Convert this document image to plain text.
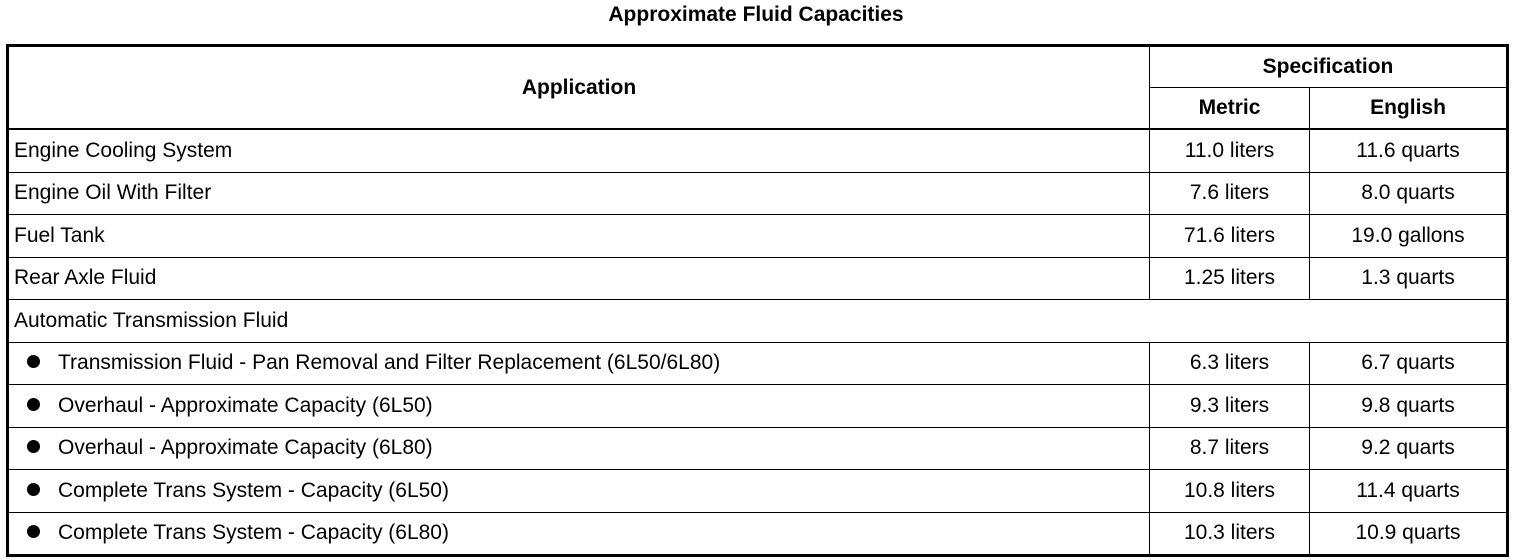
Approximate Fluid Capacities
Application	Specification	
	Metric	English
Engine Cooling System	11.0 liters	11.6 quarts
Engine Oil With Filter	7.6 liters	8.0 quarts
Fuel Tank	71.6 liters	19.0 gallons
Rear Axle Fluid	1.25 liters	1.3 quarts
Automatic Transmission Fluid		
Transmission Fluid - Pan Removal and Filter Replacement (6L50/6L80)	6.3 liters	6.7 quarts
Overhaul - Approximate Capacity (6L50)	9.3 liters	9.8 quarts
Overhaul - Approximate Capacity (6L80)	8.7 liters	9.2 quarts
Complete Trans System - Capacity (6L50)	10.8 liters	11.4 quarts
Complete Trans System - Capacity (6L80)	10.3 liters	10.9 quarts
